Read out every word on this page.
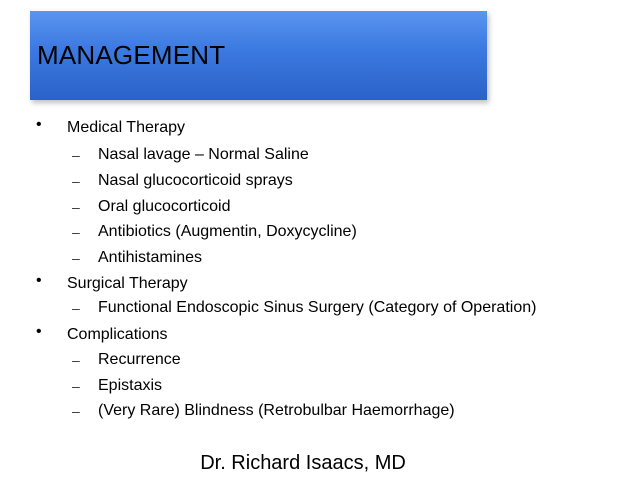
MANAGEMENT
• Medical Therapy
– Nasal lavage – Normal Saline
– Nasal glucocorticoid sprays
– Oral glucocorticoid
– Antibiotics (Augmentin, Doxycycline)
– Antihistamines
• Surgical Therapy
– Functional Endoscopic Sinus Surgery (Category of Operation)
• Complications
– Recurrence
– Epistaxis
– (Very Rare) Blindness (Retrobulbar Haemorrhage)
Dr. Richard Isaacs, MD
